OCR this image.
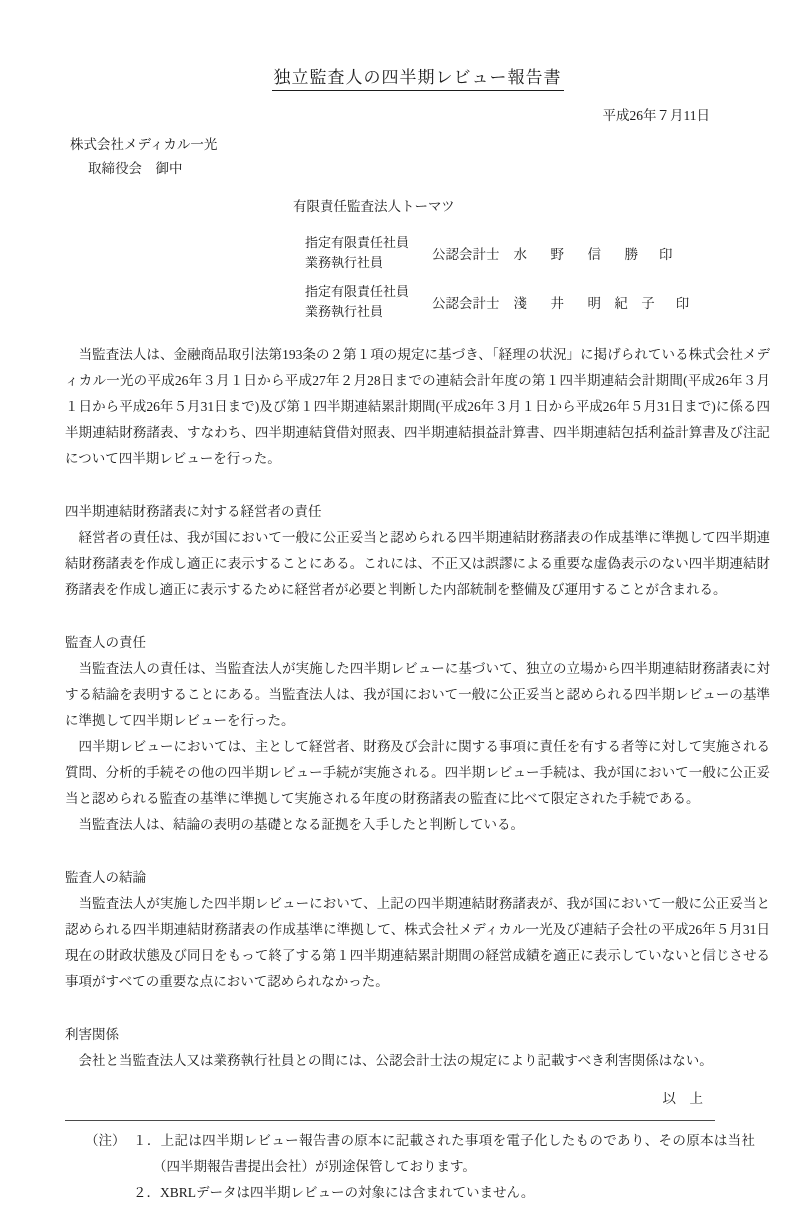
独立監査人の四半期レビュー報告書
平成26年７月11日
株式会社メディカル一光
取締役会　御中
有限責任監査法人トーマツ
指定有限責任社員
業務執行社員
公認会計士 水　野　信　勝 印
指定有限責任社員
業務執行社員
公認会計士 淺　井　明 紀 子 印

　当監査法人は、金融商品取引法第193条の２第１項の規定に基づき、「経理の状況」に掲げられている株式会社メディカル一光の平成26年３月１日から平成27年２月28日までの連結会計年度の第１四半期連結会計期間(平成26年３月１日から平成26年５月31日まで)及び第１四半期連結累計期間(平成26年３月１日から平成26年５月31日まで)に係る四半期連結財務諸表、すなわち、四半期連結貸借対照表、四半期連結損益計算書、四半期連結包括利益計算書及び注記について四半期レビューを行った。

四半期連結財務諸表に対する経営者の責任

　経営者の責任は、我が国において一般に公正妥当と認められる四半期連結財務諸表の作成基準に準拠して四半期連結財務諸表を作成し適正に表示することにある。これには、不正又は誤謬による重要な虚偽表示のない四半期連結財務諸表を作成し適正に表示するために経営者が必要と判断した内部統制を整備及び運用することが含まれる。

監査人の責任

　当監査法人の責任は、当監査法人が実施した四半期レビューに基づいて、独立の立場から四半期連結財務諸表に対する結論を表明することにある。当監査法人は、我が国において一般に公正妥当と認められる四半期レビューの基準に準拠して四半期レビューを行った。

　四半期レビューにおいては、主として経営者、財務及び会計に関する事項に責任を有する者等に対して実施される質問、分析的手続その他の四半期レビュー手続が実施される。四半期レビュー手続は、我が国において一般に公正妥当と認められる監査の基準に準拠して実施される年度の財務諸表の監査に比べて限定された手続である。

　当監査法人は、結論の表明の基礎となる証拠を入手したと判断している。

監査人の結論

　当監査法人が実施した四半期レビューにおいて、上記の四半期連結財務諸表が、我が国において一般に公正妥当と認められる四半期連結財務諸表の作成基準に準拠して、株式会社メディカル一光及び連結子会社の平成26年５月31日現在の財政状態及び同日をもって終了する第１四半期連結累計期間の経営成績を適正に表示していないと信じさせる事項がすべての重要な点において認められなかった。

利害関係

　会社と当監査法人又は業務執行社員との間には、公認会計士法の規定により記載すべき利害関係はない。

以　上
（注） １．上記は四半期レビュー報告書の原本に記載された事項を電子化したものであり、その原本は当社（四半期報告書提出会社）が別途保管しております。
２．XBRLデータは四半期レビューの対象には含まれていません。
